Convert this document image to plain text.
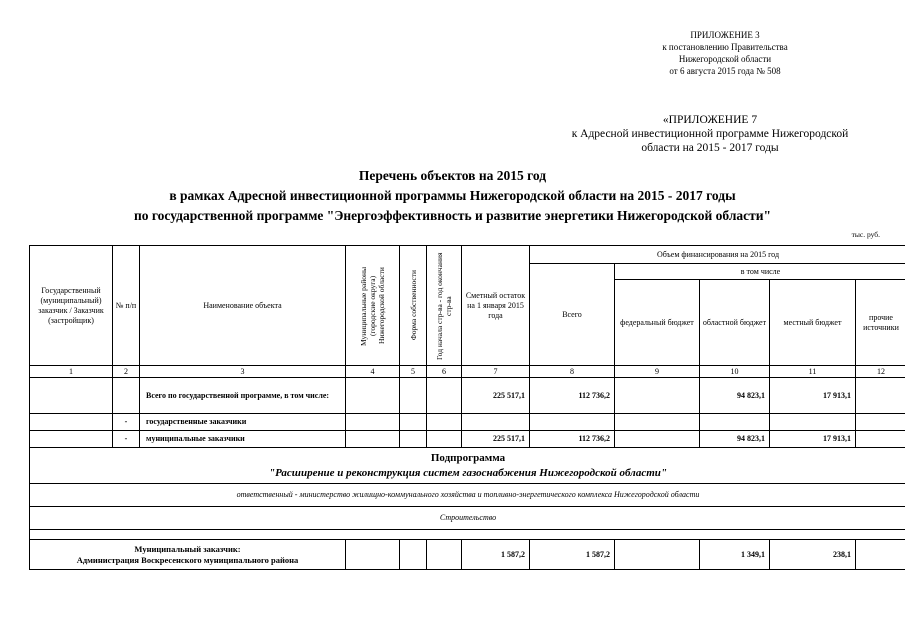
ПРИЛОЖЕНИЕ 3
к постановлению Правительства
Нижегородской области
от 6 августа 2015 года № 508
«ПРИЛОЖЕНИЕ 7
к Адресной инвестиционной программе Нижегородской
области на 2015 - 2017 годы
Перечень объектов на 2015 год
в рамках Адресной инвестиционной программы Нижегородской области на 2015 - 2017 годы
по государственной программе "Энергоэффективность и развитие энергетики Нижегородской области"
тыс. руб.
Государственный (муниципальный) заказчик / Заказчик (застройщик)	№ п/п	Наименование объекта	Муниципальные районы (городские округа) Нижегородской области	Форма собственности	Год начала стр-ва - год окончания стр-ва	Сметный остаток на 1 января 2015 года	Объем финансирования на 2015 год				
							Всего	в том числе			
								федеральный бюджет	областной бюджет	местный бюджет	прочие источники
1	2	3	4	5	6	7	8	9	10	11	12
		Всего по государственной программе, в том числе:				225 517,1	112 736,2		94 823,1	17 913,1	
	-	государственные заказчики									
	-	муниципальные заказчики				225 517,1	112 736,2		94 823,1	17 913,1	

Подпрограмма
"Расширение и реконструкция систем газоснабжения Нижегородской области"											

ответственный - министерство жилищно-коммунального хозяйства и топливно-энергетического комплекса Нижегородской области											
Строительство											

Муниципальный заказчик:
Администрация Воскресенского муниципального района						1 587,2	1 587,2		1 349,1	238,1	
